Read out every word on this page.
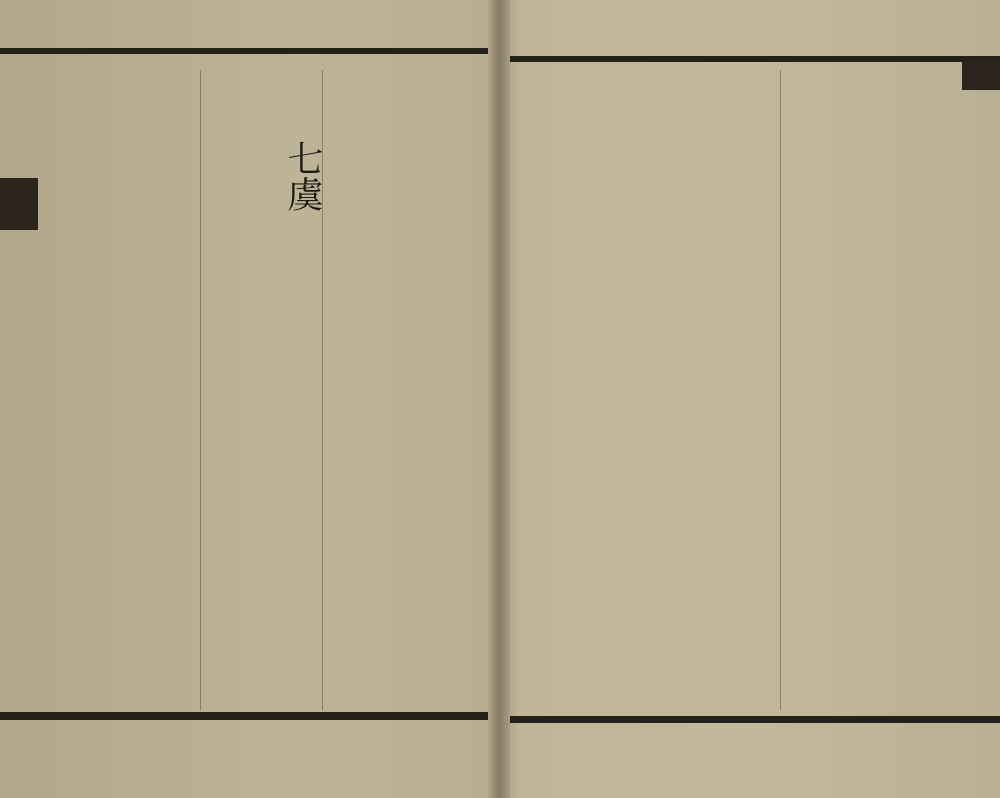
七虞
